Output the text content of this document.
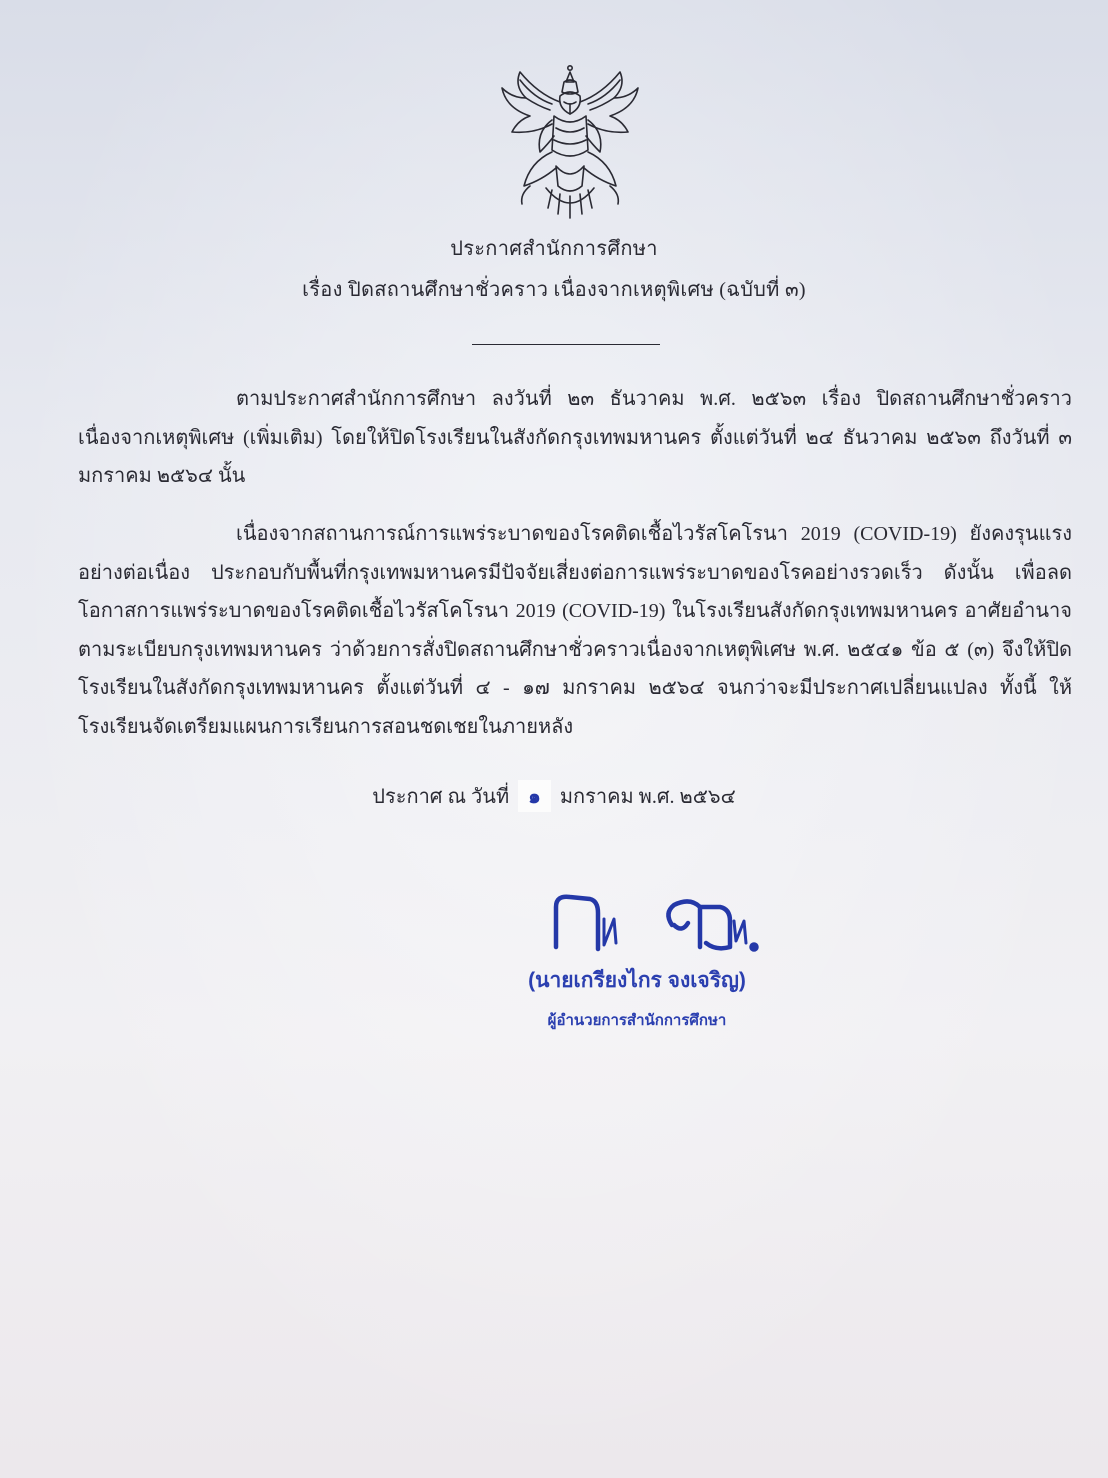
ประกาศสำนักการศึกษา
เรื่อง ปิดสถานศึกษาชั่วคราว เนื่องจากเหตุพิเศษ (ฉบับที่ ๓)

ตามประกาศสำนักการศึกษา ลงวันที่ ๒๓ ธันวาคม พ.ศ. ๒๕๖๓ เรื่อง ปิดสถานศึกษาชั่วคราว เนื่องจากเหตุพิเศษ (เพิ่มเติม) โดยให้ปิดโรงเรียนในสังกัดกรุงเทพมหานคร ตั้งแต่วันที่ ๒๔ ธันวาคม ๒๕๖๓ ถึงวันที่ ๓ มกราคม ๒๕๖๔ นั้น

เนื่องจากสถานการณ์การแพร่ระบาดของโรคติดเชื้อไวรัสโคโรนา 2019 (COVID-19) ยังคงรุนแรงอย่างต่อเนื่อง ประกอบกับพื้นที่กรุงเทพมหานครมีปัจจัยเสี่ยงต่อการแพร่ระบาดของโรคอย่างรวดเร็ว ดังนั้น เพื่อลดโอกาสการแพร่ระบาดของโรคติดเชื้อไวรัสโคโรนา 2019 (COVID-19) ในโรงเรียนสังกัดกรุงเทพมหานคร อาศัยอำนาจตามระเบียบกรุงเทพมหานคร ว่าด้วยการสั่งปิดสถานศึกษาชั่วคราวเนื่องจากเหตุพิเศษ พ.ศ. ๒๕๔๑ ข้อ ๕ (๓) จึงให้ปิดโรงเรียนในสังกัดกรุงเทพมหานคร ตั้งแต่วันที่ ๔ - ๑๗ มกราคม ๒๕๖๔ จนกว่าจะมีประกาศเปลี่ยนแปลง ทั้งนี้ ให้โรงเรียนจัดเตรียมแผนการเรียนการสอนชดเชยในภายหลัง

ประกาศ ณ วันที่ ๑ มกราคม พ.ศ. ๒๕๖๔
(นายเกรียงไกร จงเจริญ)
ผู้อำนวยการสำนักการศึกษา
